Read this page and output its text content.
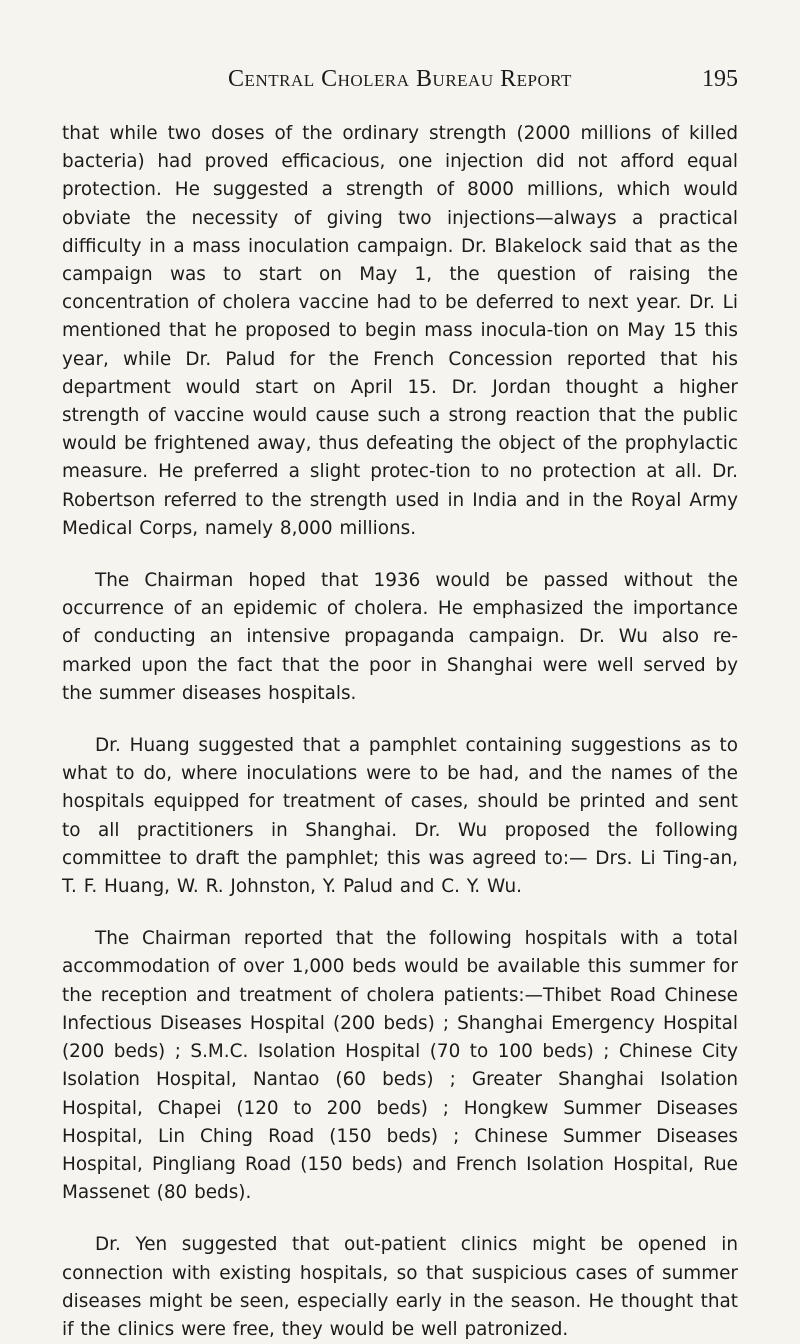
Central Cholera Bureau Report	195

that while two doses of the ordinary strength (2000 millions of killed bacteria) had proved efficacious, one injection did not afford equal protection. He suggested a strength of 8000 millions, which would obviate the necessity of giving two injections—always a practical difficulty in a mass inoculation campaign. Dr. Blakelock said that as the campaign was to start on May 1, the question of raising the concentration of cholera vaccine had to be deferred to next year. Dr. Li mentioned that he proposed to begin mass inocula-tion on May 15 this year, while Dr. Palud for the French Concession reported that his department would start on April 15. Dr. Jordan thought a higher strength of vaccine would cause such a strong reaction that the public would be frightened away, thus defeating the object of the prophylactic measure. He preferred a slight protec-tion to no protection at all. Dr. Robertson referred to the strength used in India and in the Royal Army Medical Corps, namely 8,000 millions.

The Chairman hoped that 1936 would be passed without the occurrence of an epidemic of cholera. He emphasized the importance of conducting an intensive propaganda campaign. Dr. Wu also re-marked upon the fact that the poor in Shanghai were well served by the summer diseases hospitals.

Dr. Huang suggested that a pamphlet containing suggestions as to what to do, where inoculations were to be had, and the names of the hospitals equipped for treatment of cases, should be printed and sent to all practitioners in Shanghai. Dr. Wu proposed the following committee to draft the pamphlet; this was agreed to:— Drs. Li Ting-an, T. F. Huang, W. R. Johnston, Y. Palud and C. Y. Wu.

The Chairman reported that the following hospitals with a total accommodation of over 1,000 beds would be available this summer for the reception and treatment of cholera patients:—Thibet Road Chinese Infectious Diseases Hospital (200 beds) ; Shanghai Emergency Hospital (200 beds) ; S.M.C. Isolation Hospital (70 to 100 beds) ; Chinese City Isolation Hospital, Nantao (60 beds) ; Greater Shanghai Isolation Hospital, Chapei (120 to 200 beds) ; Hongkew Summer Diseases Hospital, Lin Ching Road (150 beds) ; Chinese Summer Diseases Hospital, Pingliang Road (150 beds) and French Isolation Hospital, Rue Massenet (80 beds).

Dr. Yen suggested that out-patient clinics might be opened in connection with existing hospitals, so that suspicious cases of summer diseases might be seen, especially early in the season. He thought that if the clinics were free, they would be well patronized.
